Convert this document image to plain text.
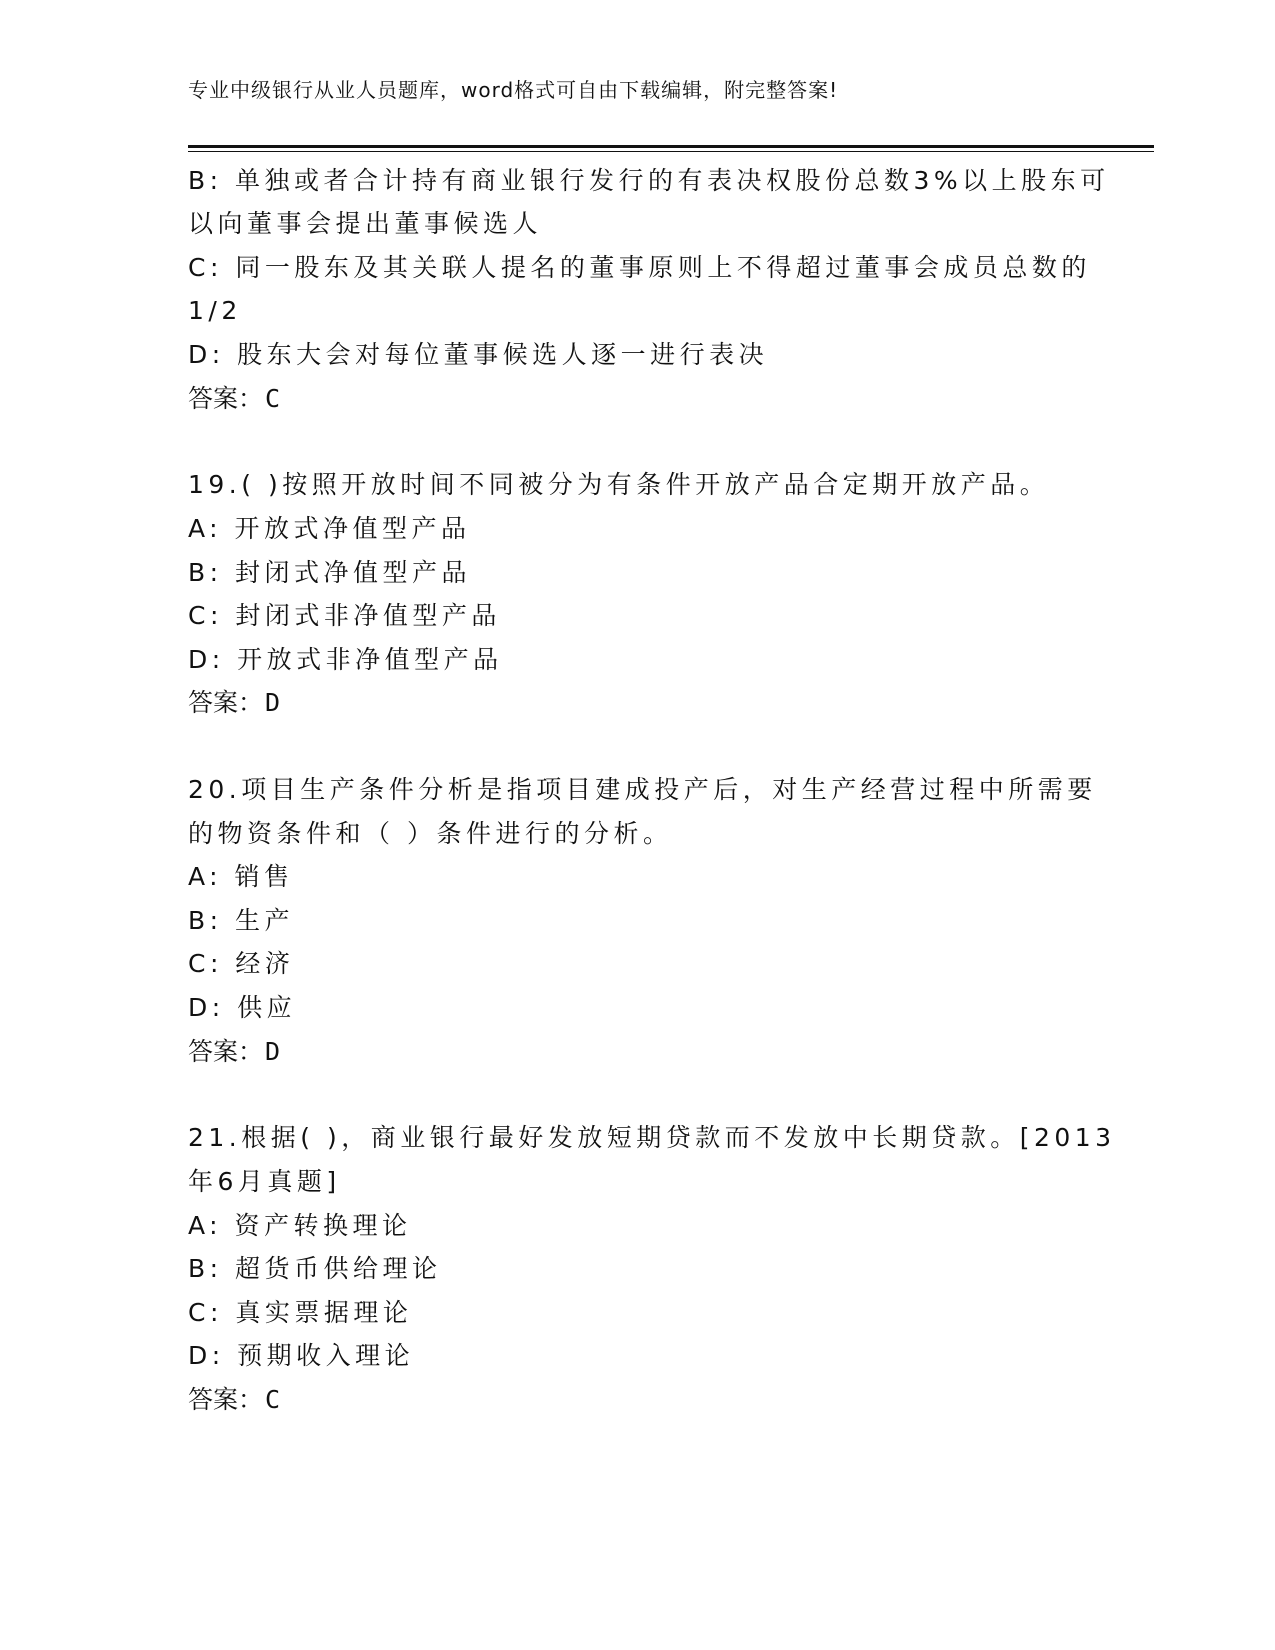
专业中级银行从业人员题库，word格式可自由下载编辑，附完整答案!
B: 单独或者合计持有商业银行发行的有表决权股份总数3%以上股东可
以向董事会提出董事候选人
C: 同一股东及其关联人提名的董事原则上不得超过董事会成员总数的
1/2
D: 股东大会对每位董事候选人逐一进行表决
答案：C
19.( )按照开放时间不同被分为有条件开放产品合定期开放产品。
A: 开放式净值型产品
B: 封闭式净值型产品
C: 封闭式非净值型产品
D: 开放式非净值型产品
答案：D
20.项目生产条件分析是指项目建成投产后，对生产经营过程中所需要
的物资条件和（ ）条件进行的分析。
A: 销售
B: 生产
C: 经济
D: 供应
答案：D
21.根据( )，商业银行最好发放短期贷款而不发放中长期贷款。[2013
年6月真题]
A: 资产转换理论
B: 超货币供给理论
C: 真实票据理论
D: 预期收入理论
答案：C
